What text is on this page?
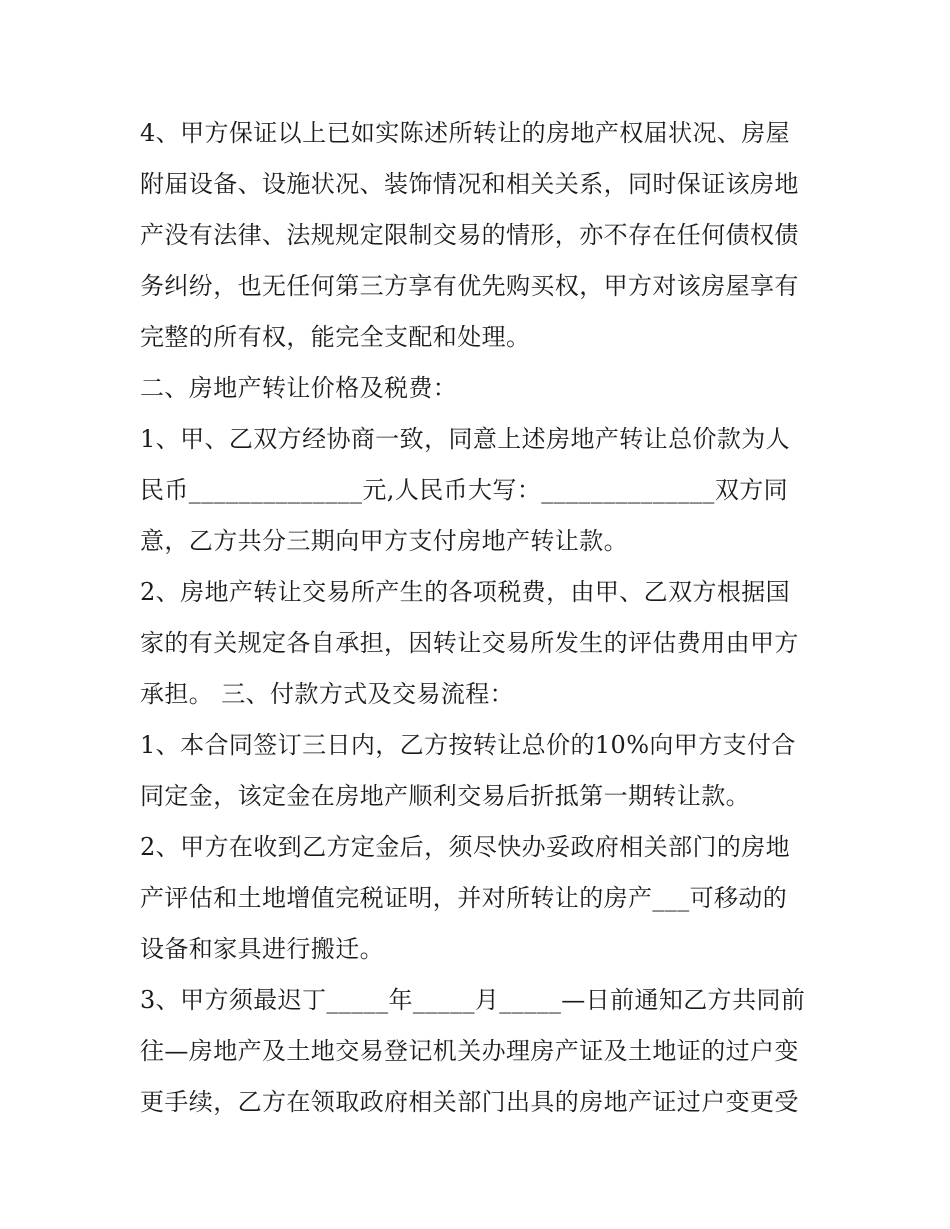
4、甲方保证以上已如实陈述所转让的房地产权届状况、房屋
附届设备、设施状况、装饰情况和相关关系，同时保证该房地
产没有法律、法规规定限制交易的情形，亦不存在任何债权债
务纠纷，也无任何第三方享有优先购买权，甲方对该房屋享有
完整的所有权，能完全支配和处理。
二、房地产转让价格及税费：
1、甲、乙双方经协商一致，同意上述房地产转让总价款为人
民币______________元,人民币大写：______________双方同
意，乙方共分三期向甲方支付房地产转让款。
2、房地产转让交易所产生的各项税费，由甲、乙双方根据国
家的有关规定各自承担，因转让交易所发生的评估费用由甲方
承担。 三、付款方式及交易流程：
1、本合同签订三日内，乙方按转让总价的10%向甲方支付合
同定金，该定金在房地产顺利交易后折抵第一期转让款。
2、甲方在收到乙方定金后，须尽快办妥政府相关部门的房地
产评估和土地增值完税证明，并对所转让的房产___可移动的
设备和家具进行搬迁。
3、甲方须最迟丁_____年_____月_____—日前通知乙方共同前
往—房地产及土地交易登记机关办理房产证及土地证的过户变
更手续，乙方在领取政府相关部门出具的房地产证过户变更受
